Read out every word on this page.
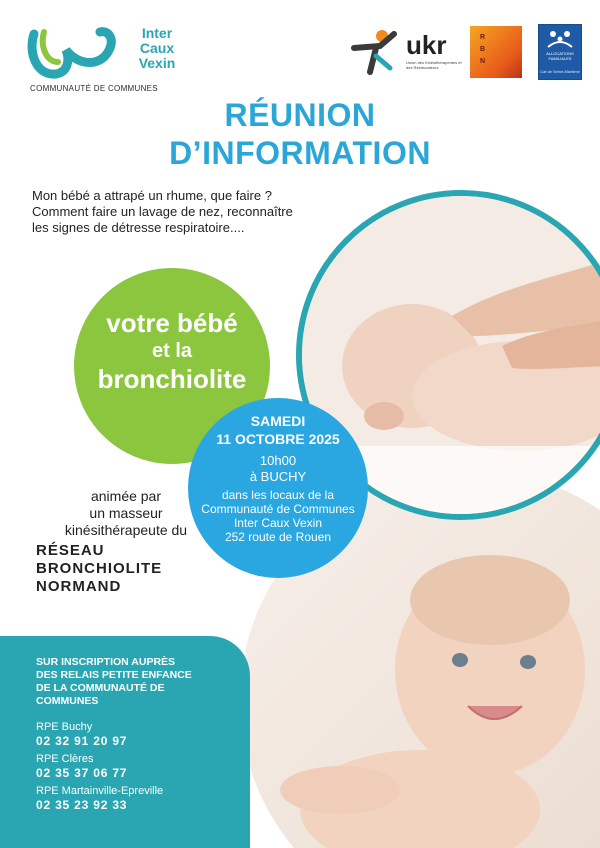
Inter
Caux
Vexin
COMMUNAUTÉ DE COMMUNES
ukr
Union des Kinésithérapeutes et des Rééducateurs
R
B
N
ALLOCATIONS FAMILIALES
Caf de Seine-Maritime
RÉUNION
D’INFORMATION
Mon bébé a attrapé un rhume, que faire ?
Comment faire un lavage de nez, reconnaître
les signes de détresse respiratoire....
votre bébé
et la
bronchiolite
SAMEDI
11 OCTOBRE 2025
10h00
à BUCHY
dans les locaux de la
Communauté de Communes
Inter Caux Vexin
252 route de Rouen
animée par
un masseur
kinésithérapeute du
RÉSEAU
BRONCHIOLITE
NORMAND
SUR INSCRIPTION AUPRÈS
DES RELAIS PETITE ENFANCE
DE LA COMMUNAUTÉ DE
COMMUNES
RPE Buchy
02 32 91 20 97
RPE Clères
02 35 37 06 77
RPE Martainville-Epreville
02 35 23 92 33
